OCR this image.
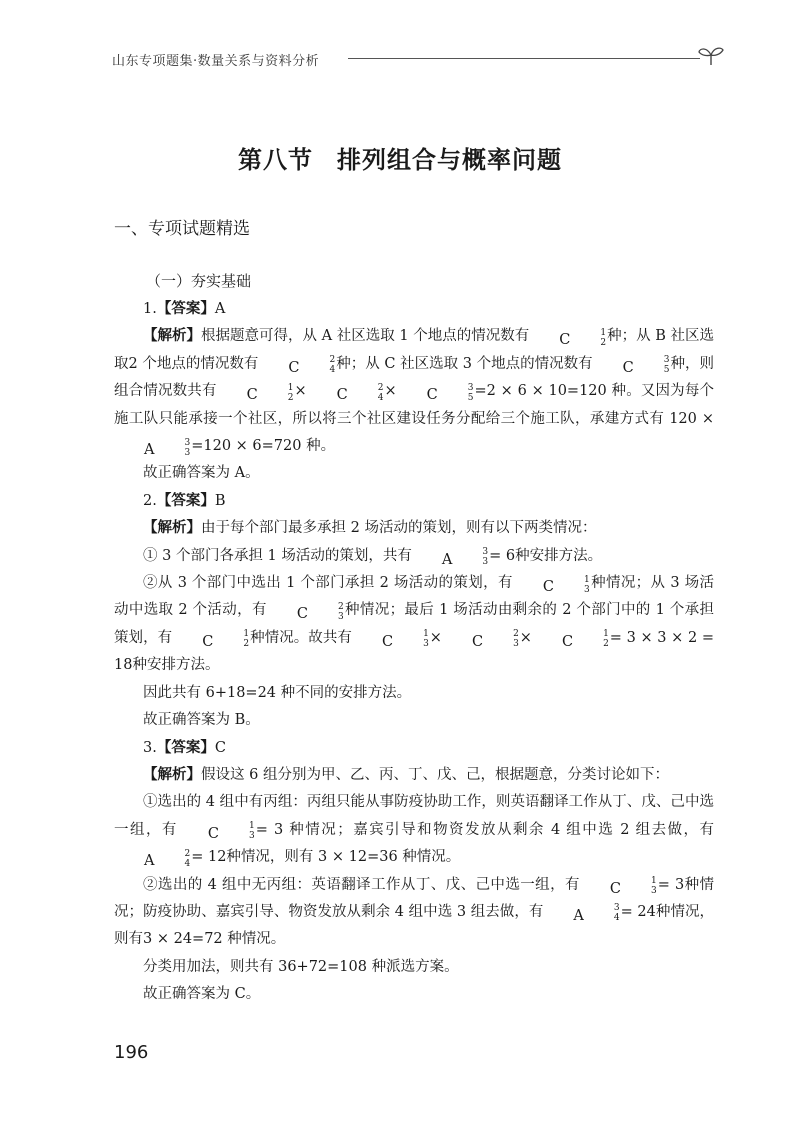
山东专项题集·数量关系与资料分析
第八节 排列组合与概率问题
一、专项试题精选
（一）夯实基础

1.【答案】A

【解析】根据题意可得，从 A 社区选取 1 个地点的情况数有	C	1
2 种；从 B 社区选取2 个地点的情况数有	C	2
4 种；从 C 社区选取 3 个地点的情况数有	C	3
5 种，则组合情况数共有	C	1
2 ×	C	2
4 ×	C	3
5 =2 × 6 × 10=120 种。又因为每个施工队只能承接一个社区，所以将三个社区建设任务分配给三个施工队，承建方式有 120 ×
A	3
3 =120 × 6=720 种。

故正确答案为 A。

2.【答案】B

【解析】由于每个部门最多承担 2 场活动的策划，则有以下两类情况：

① 3 个部门各承担 1 场活动的策划，共有	A	3
3 = 6种安排方法。

②从 3 个部门中选出 1 个部门承担 2 场活动的策划，有	C	1
3 种情况；从 3 场活动中选取 2 个活动，有	C	2
3 种情况；最后 1 场活动由剩余的 2 个部门中的 1 个承担策划，有	C	1
2 种情况。故共有	C	1
3 ×	C	2
3 ×	C	1
2 = 3 × 3 × 2 = 18种安排方法。

因此共有 6+18=24 种不同的安排方法。

故正确答案为 B。

3.【答案】C

【解析】假设这 6 组分别为甲、乙、丙、丁、戊、己，根据题意，分类讨论如下：

①选出的 4 组中有丙组：丙组只能从事防疫协助工作，则英语翻译工作从丁、戊、己中选一组，有	C	1
3 = 3 种情况；嘉宾引导和物资发放从剩余 4 组中选 2 组去做，有
A	2
4 = 12种情况，则有 3 × 12=36 种情况。

②选出的 4 组中无丙组：英语翻译工作从丁、戊、己中选一组，有	C	1
3 = 3种情况；防疫协助、嘉宾引导、物资发放从剩余 4 组中选 3 组去做，有	A	3
4 = 24种情况，则有3 × 24=72 种情况。

分类用加法，则共有 36+72=108 种派选方案。

故正确答案为 C。

196
